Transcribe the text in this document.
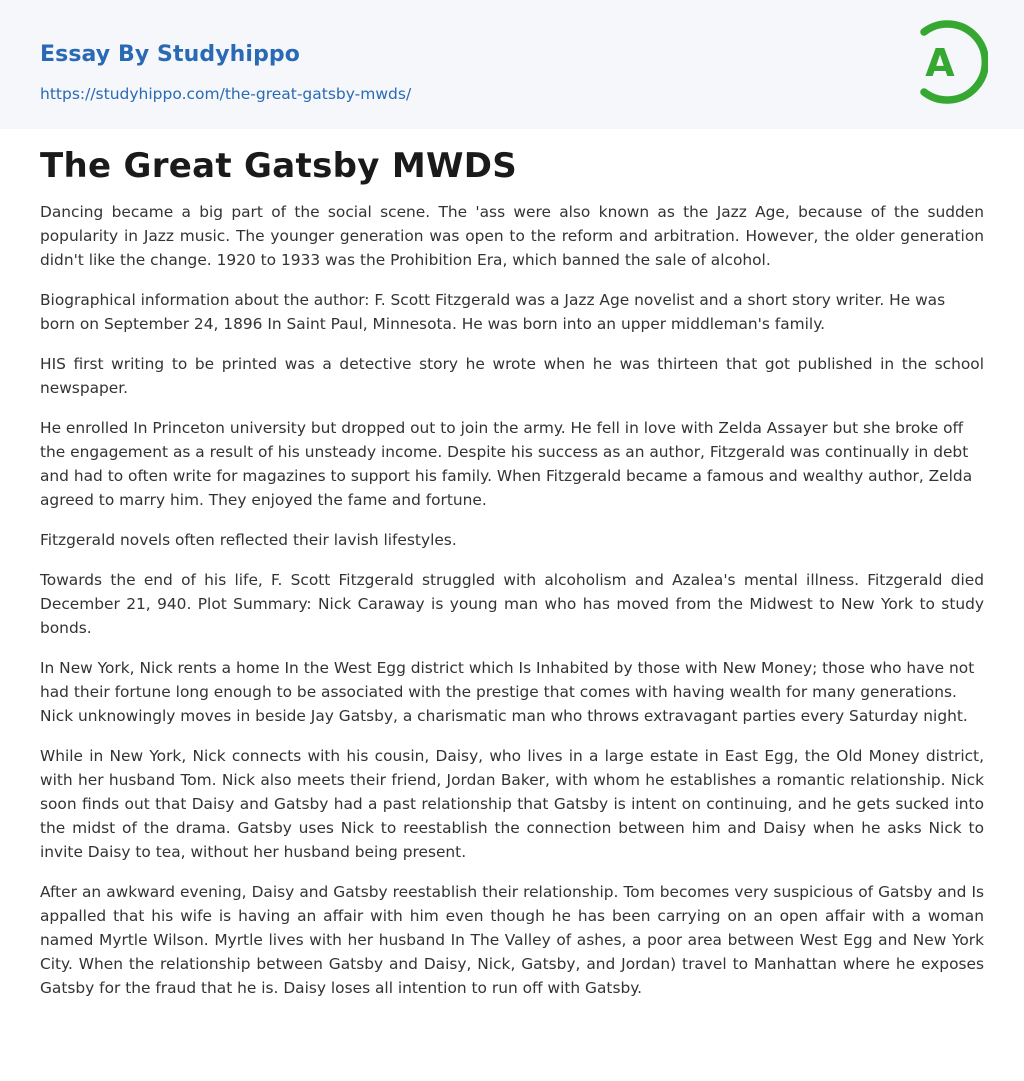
Essay By Studyhippo
https://studyhippo.com/the-great-gatsby-mwds/
A
The Great Gatsby MWDS

Dancing became a big part of the social scene. The 'ass were also known as the Jazz Age, because of the sudden popularity in Jazz music. The younger generation was open to the reform and arbitration. However, the older generation didn't like the change. 1920 to 1933 was the Prohibition Era, which banned the sale of alcohol.

Biographical information about the author: F. Scott Fitzgerald was a Jazz Age novelist and a short story writer. He was born on September 24, 1896 In Saint Paul, Minnesota. He was born into an upper middleman's family.

HIS first writing to be printed was a detective story he wrote when he was thirteen that got published in the school newspaper.

He enrolled In Princeton university but dropped out to join the army. He fell in love with Zelda Assayer but she broke off the engagement as a result of his unsteady income. Despite his success as an author, Fitzgerald was continually in debt and had to often write for magazines to support his family. When Fitzgerald became a famous and wealthy author, Zelda agreed to marry him. They enjoyed the fame and fortune.

Fitzgerald novels often reflected their lavish lifestyles.

Towards the end of his life, F. Scott Fitzgerald struggled with alcoholism and Azalea's mental illness. Fitzgerald died December 21, 940. Plot Summary: Nick Caraway is young man who has moved from the Midwest to New York to study bonds.

In New York, Nick rents a home In the West Egg district which Is Inhabited by those with New Money; those who have not had their fortune long enough to be associated with the prestige that comes with having wealth for many generations. Nick unknowingly moves in beside Jay Gatsby, a charismatic man who throws extravagant parties every Saturday night.

While in New York, Nick connects with his cousin, Daisy, who lives in a large estate in East Egg, the Old Money district, with her husband Tom. Nick also meets their friend, Jordan Baker, with whom he establishes a romantic relationship. Nick soon finds out that Daisy and Gatsby had a past relationship that Gatsby is intent on continuing, and he gets sucked into the midst of the drama. Gatsby uses Nick to reestablish the connection between him and Daisy when he asks Nick to invite Daisy to tea, without her husband being present.

After an awkward evening, Daisy and Gatsby reestablish their relationship. Tom becomes very suspicious of Gatsby and Is appalled that his wife is having an affair with him even though he has been carrying on an open affair with a woman named Myrtle Wilson. Myrtle lives with her husband In The Valley of ashes, a poor area between West Egg and New York City. When the relationship between Gatsby and Daisy, Nick, Gatsby, and Jordan) travel to Manhattan where he exposes Gatsby for the fraud that he is. Daisy loses all intention to run off with Gatsby.
